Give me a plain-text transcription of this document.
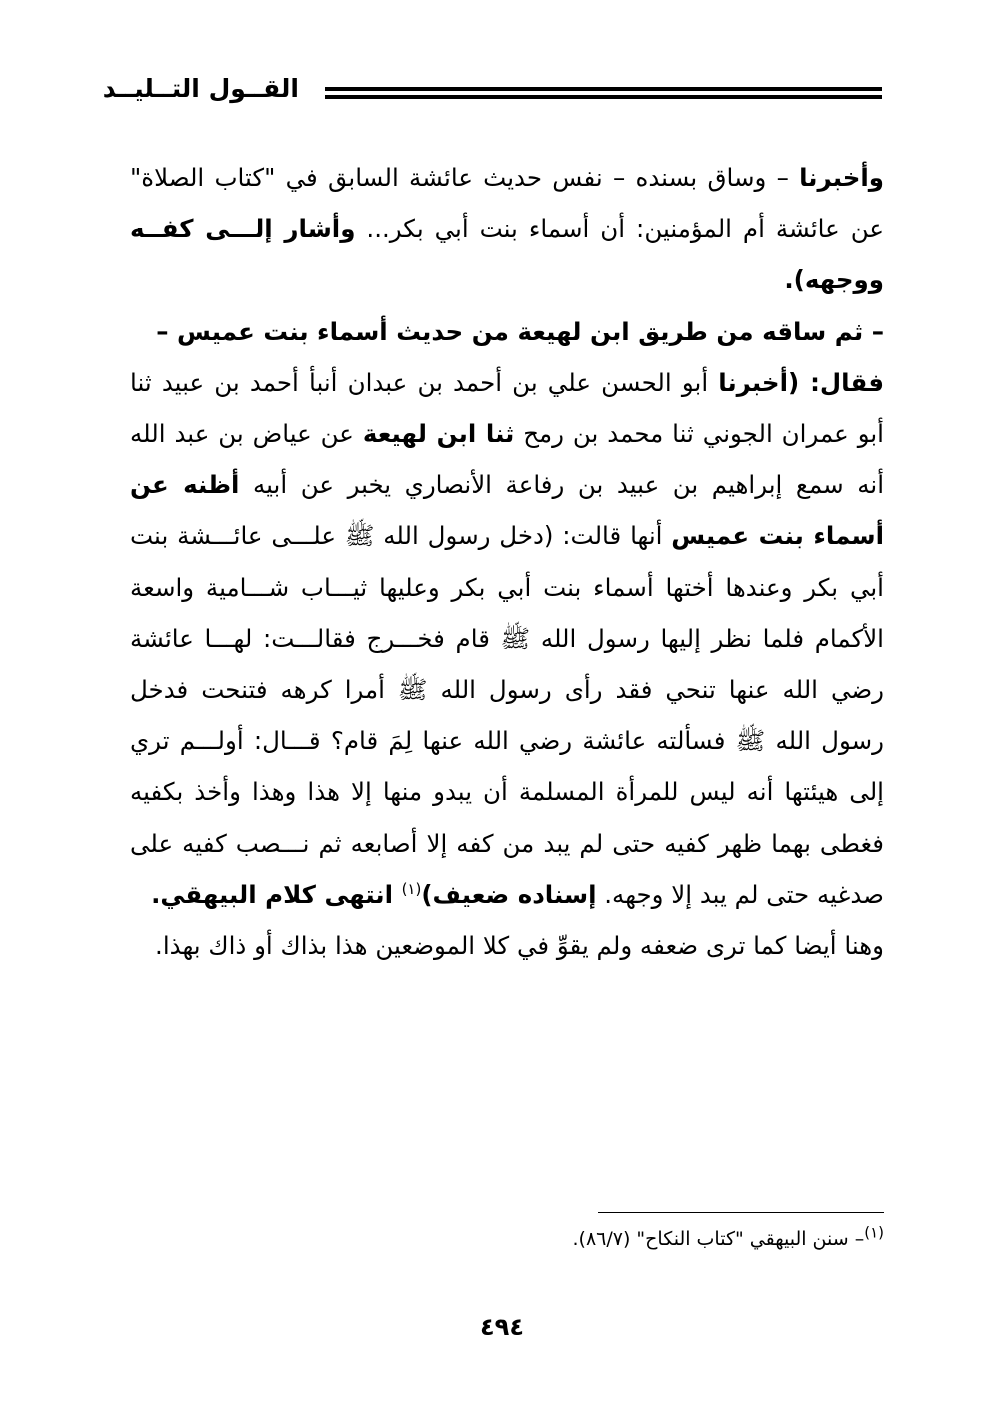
القــول التــليــد

وأخبرنا – وساق بسنده – نفس حديث عائشة السابق في "كتاب الصلاة" عن عائشة أم المؤمنين: أن أسماء بنت أبي بكر... وأشار إلـــى كفــه ووجهه).

– ثم ساقه من طريق ابن لهيعة من حديث أسماء بنت عميس –

فقال: (أخبرنا أبو الحسن علي بن أحمد بن عبدان أنبأ أحمد بن عبيد ثنا أبو عمران الجوني ثنا محمد بن رمح ثنا ابن لهيعة عن عياض بن عبد الله أنه سمع إبراهيم بن عبيد بن رفاعة الأنصاري يخبر عن أبيه أظنه عن أسماء بنت عميس أنها قالت: (دخل رسول الله ﷺ علـــى عائـــشة بنت أبي بكر وعندها أختها أسماء بنت أبي بكر وعليها ثيـــاب شـــامية واسعة الأكمام فلما نظر إليها رسول الله ﷺ قام فخـــرج فقالـــت: لهـــا عائشة رضي الله عنها تنحي فقد رأى رسول الله ﷺ أمرا كرهه فتنحت فدخل رسول الله ﷺ فسألته عائشة رضي الله عنها لِمَ قام؟ قـــال: أولـــم تري إلى هيئتها أنه ليس للمرأة المسلمة أن يبدو منها إلا هذا وهذا وأخذ بكفيه فغطى بهما ظهر كفيه حتى لم يبد من كفه إلا أصابعه ثم نـــصب كفيه على صدغيه حتى لم يبد إلا وجهه. إسناده ضعيف)$^{(١)}$ انتهى كلام البيهقي.

وهنا أيضا كما ترى ضعفه ولم يقوِّ في كلا الموضعين هذا بذاك أو ذاك بهذا.

$^{(١)}$– سنن البيهقي "كتاب النكاح" (٨٦/٧).
٤٩٤
